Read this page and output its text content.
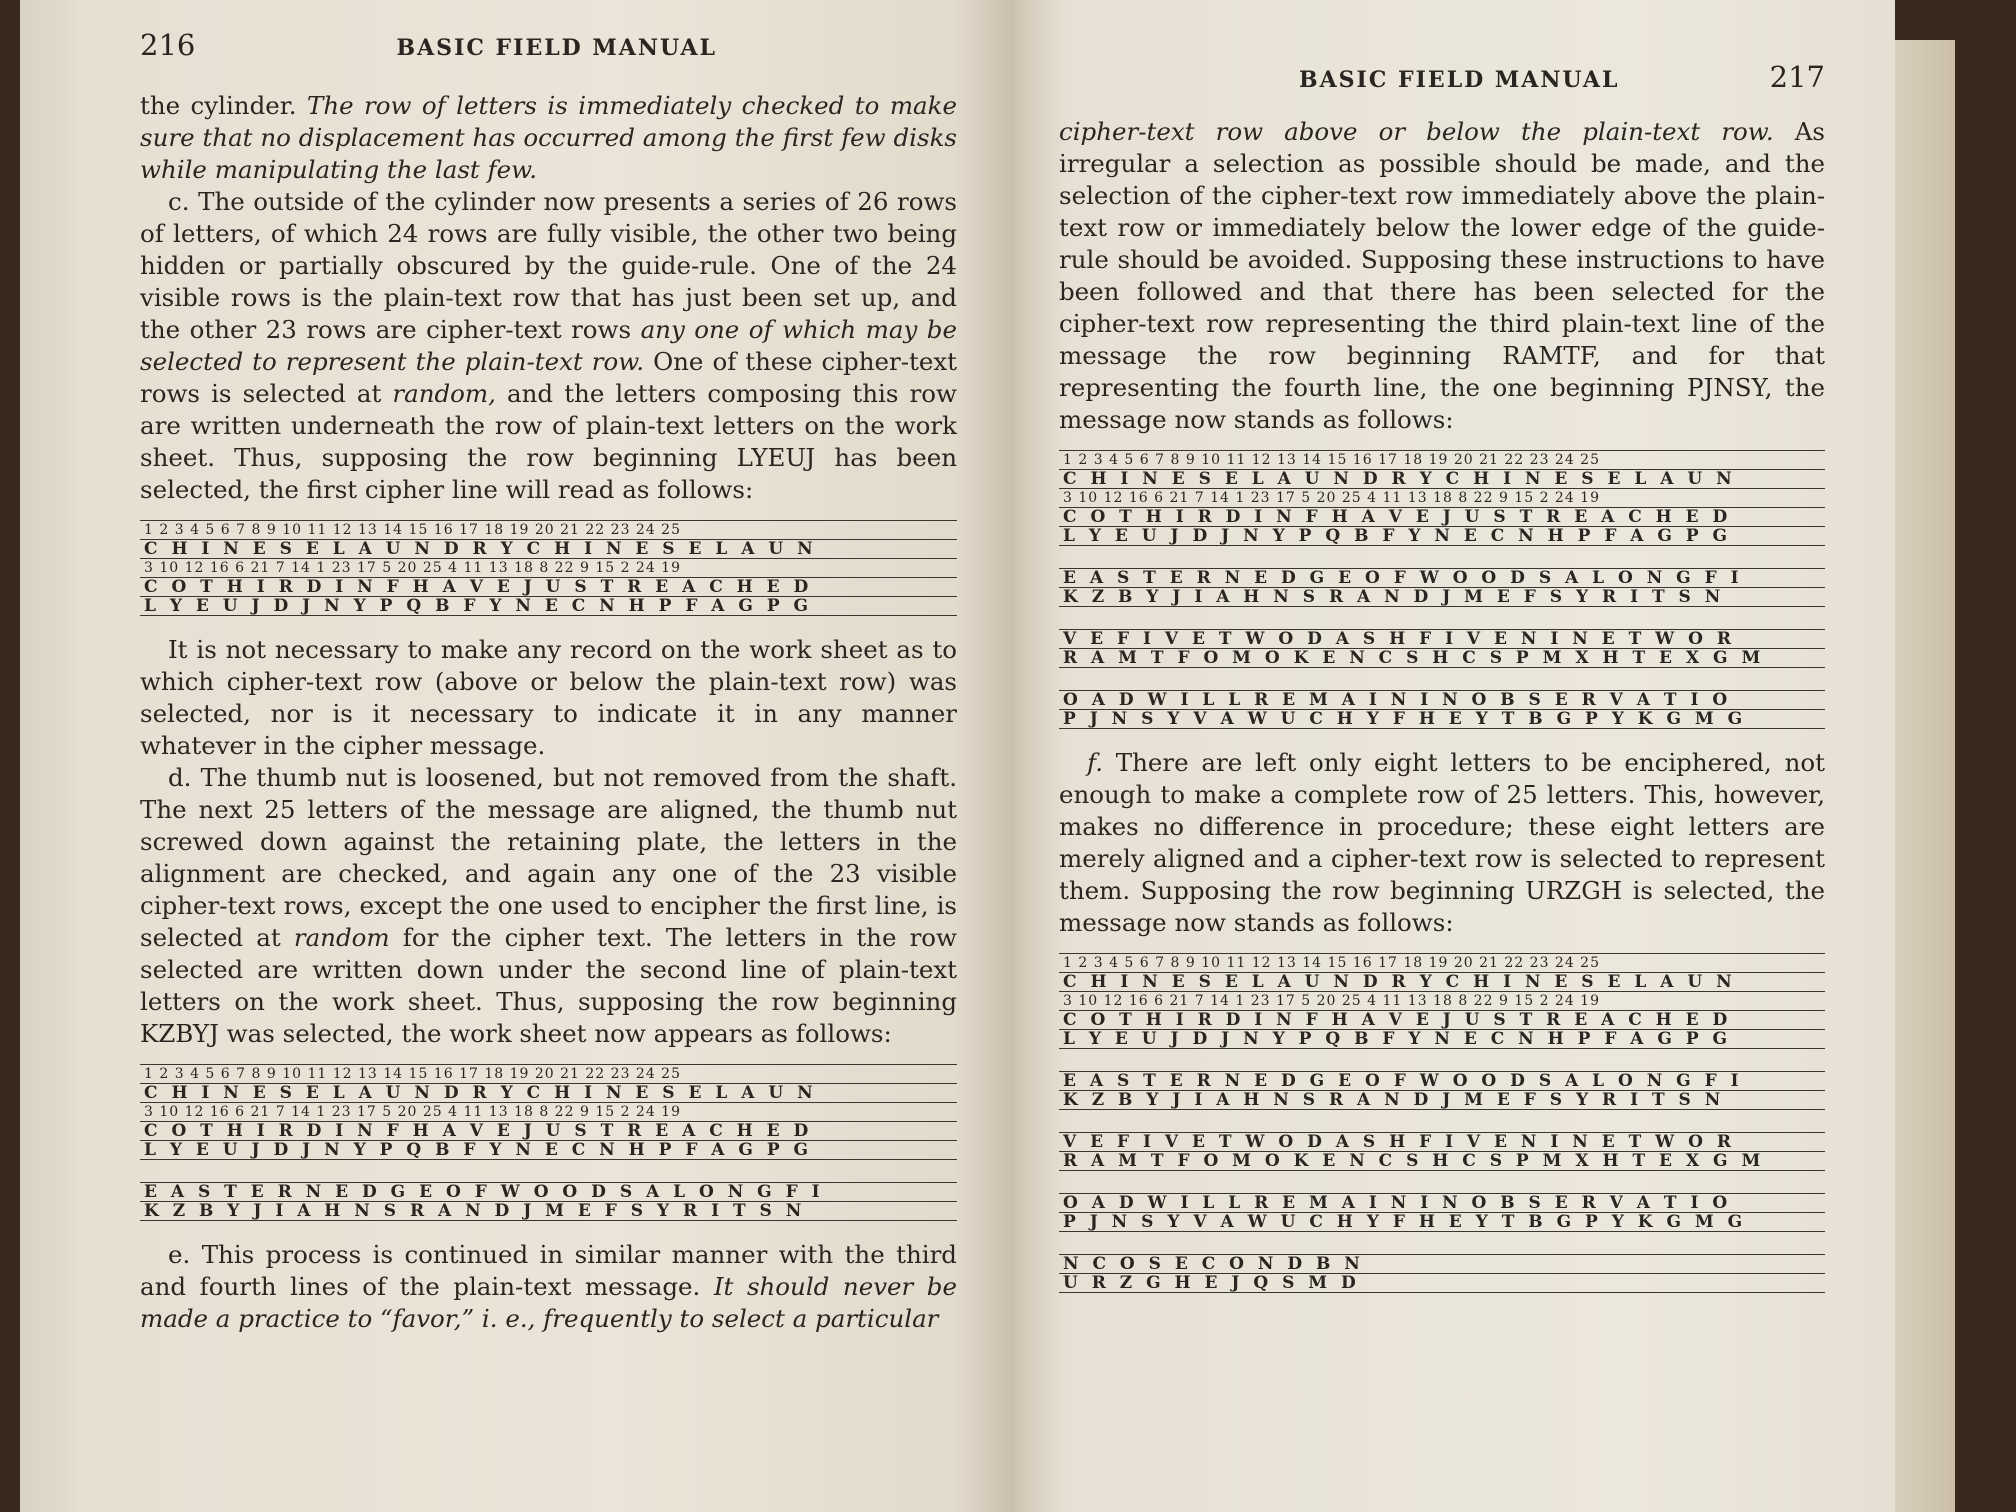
216	BASIC FIELD MANUAL

the cylinder. The row of letters is immediately checked to make sure that no displacement has occurred among the first few disks while manipulating the last few.

c. The outside of the cylinder now presents a series of 26 rows of letters, of which 24 rows are fully visible, the other two being hidden or partially obscured by the guide-rule. One of the 24 visible rows is the plain-text row that has just been set up, and the other 23 rows are cipher-text rows any one of which may be selected to represent the plain-text row. One of these cipher-text rows is selected at random, and the letters composing this row are written underneath the row of plain-text letters on the work sheet. Thus, supposing the row beginning LYEUJ has been selected, the first cipher line will read as follows:

1 2 3 4 5 6 7 8 9 10 11 12 13 14 15 16 17 18 19 20 21 22 23 24 25
C H I N E S E L A U N D R Y C H I N E S E L A U N
3 10 12 16 6 21 7 14 1 23 17 5 20 25 4 11 13 18 8 22 9 15 2 24 19
C O T H I R D I N F H A V E J U S T R E A C H E D
L Y E U J D J N Y P Q B F Y N E C N H P F A G P G

It is not necessary to make any record on the work sheet as to which cipher-text row (above or below the plain-text row) was selected, nor is it necessary to indicate it in any manner whatever in the cipher message.

d. The thumb nut is loosened, but not removed from the shaft. The next 25 letters of the message are aligned, the thumb nut screwed down against the retaining plate, the letters in the alignment are checked, and again any one of the 23 visible cipher-text rows, except the one used to encipher the first line, is selected at random for the cipher text. The letters in the row selected are written down under the second line of plain-text letters on the work sheet. Thus, supposing the row beginning KZBYJ was selected, the work sheet now appears as follows:

1 2 3 4 5 6 7 8 9 10 11 12 13 14 15 16 17 18 19 20 21 22 23 24 25
C H I N E S E L A U N D R Y C H I N E S E L A U N
3 10 12 16 6 21 7 14 1 23 17 5 20 25 4 11 13 18 8 22 9 15 2 24 19
C O T H I R D I N F H A V E J U S T R E A C H E D
L Y E U J D J N Y P Q B F Y N E C N H P F A G P G
E A S T E R N E D G E O F W O O D S A L O N G F I
K Z B Y J I A H N S R A N D J M E F S Y R I T S N

e. This process is continued in similar manner with the third and fourth lines of the plain-text message. It should never be made a practice to “favor,” i. e., frequently to select a particular

BASIC FIELD MANUAL	217

cipher-text row above or below the plain-text row. As irregular a selection as possible should be made, and the selection of the cipher-text row immediately above the plain-text row or immediately below the lower edge of the guide-rule should be avoided. Supposing these instructions to have been followed and that there has been selected for the cipher-text row representing the third plain-text line of the message the row beginning RAMTF, and for that representing the fourth line, the one beginning PJNSY, the message now stands as follows:

1 2 3 4 5 6 7 8 9 10 11 12 13 14 15 16 17 18 19 20 21 22 23 24 25
C H I N E S E L A U N D R Y C H I N E S E L A U N
3 10 12 16 6 21 7 14 1 23 17 5 20 25 4 11 13 18 8 22 9 15 2 24 19
C O T H I R D I N F H A V E J U S T R E A C H E D
L Y E U J D J N Y P Q B F Y N E C N H P F A G P G
E A S T E R N E D G E O F W O O D S A L O N G F I
K Z B Y J I A H N S R A N D J M E F S Y R I T S N
V E F I V E T W O D A S H F I V E N I N E T W O R
R A M T F O M O K E N C S H C S P M X H T E X G M
O A D W I L L R E M A I N I N O B S E R V A T I O
P J N S Y V A W U C H Y F H E Y T B G P Y K G M G

f. There are left only eight letters to be enciphered, not enough to make a complete row of 25 letters. This, however, makes no difference in procedure; these eight letters are merely aligned and a cipher-text row is selected to represent them. Supposing the row beginning URZGH is selected, the message now stands as follows:

1 2 3 4 5 6 7 8 9 10 11 12 13 14 15 16 17 18 19 20 21 22 23 24 25
C H I N E S E L A U N D R Y C H I N E S E L A U N
3 10 12 16 6 21 7 14 1 23 17 5 20 25 4 11 13 18 8 22 9 15 2 24 19
C O T H I R D I N F H A V E J U S T R E A C H E D
L Y E U J D J N Y P Q B F Y N E C N H P F A G P G
E A S T E R N E D G E O F W O O D S A L O N G F I
K Z B Y J I A H N S R A N D J M E F S Y R I T S N
V E F I V E T W O D A S H F I V E N I N E T W O R
R A M T F O M O K E N C S H C S P M X H T E X G M
O A D W I L L R E M A I N I N O B S E R V A T I O
P J N S Y V A W U C H Y F H E Y T B G P Y K G M G
N C O S E C O N D B N
U R Z G H E J Q S M D
